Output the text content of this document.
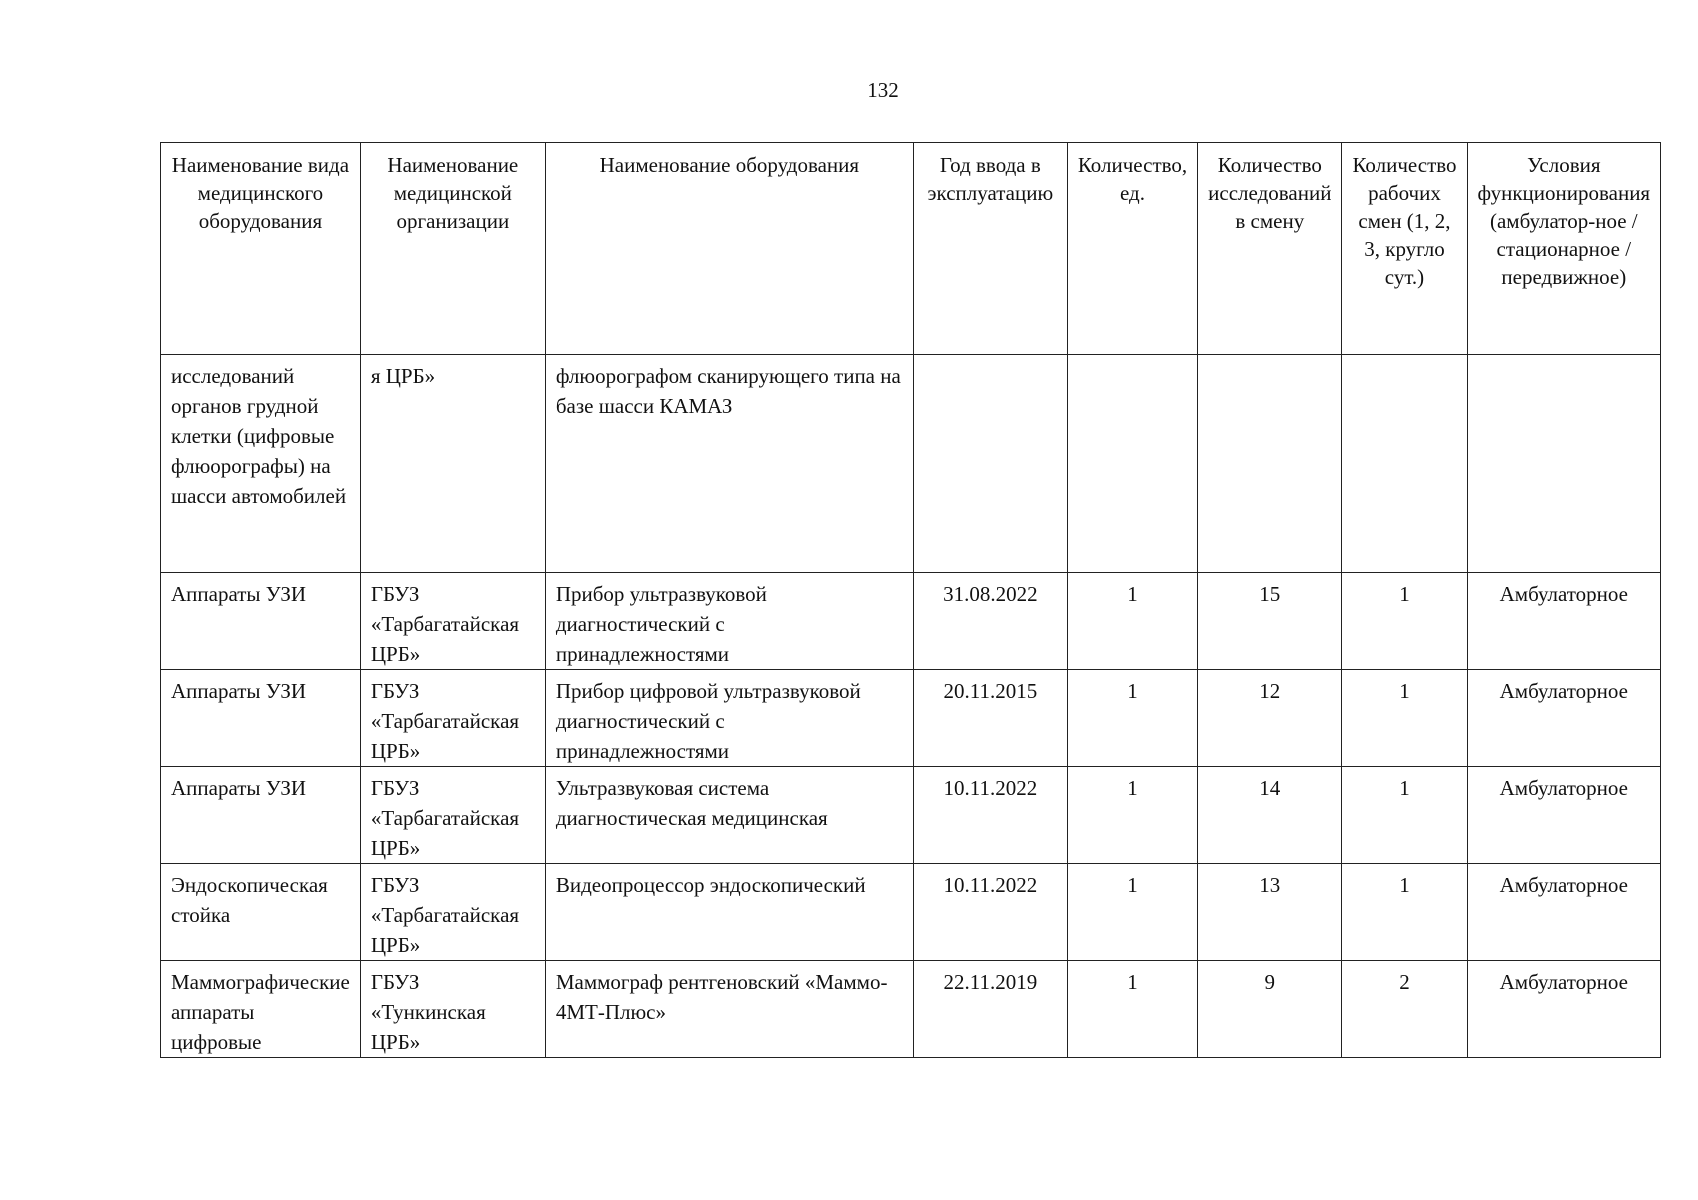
132
Наименование вида медицинского оборудования	Наименование медицинской организации	Наименование оборудования	Год ввода в эксплуатацию	Количество, ед.	Количество исследований в смену	Количество рабочих смен (1, 2, 3, кругло сут.)	Условия функционирования (амбулатор-ное / стационарное / передвижное)
исследований органов грудной клетки (цифровые флюорографы) на шасси автомобилей	я ЦРБ»	флюорографом сканирующего типа на базе шасси КАМАЗ					
Аппараты УЗИ	ГБУЗ «Тарбагатайская ЦРБ»	Прибор ультразвуковой диагностический с принадлежностями	31.08.2022	1	15	1	Амбулаторное
Аппараты УЗИ	ГБУЗ «Тарбагатайская ЦРБ»	Прибор цифровой ультразвуковой диагностический с принадлежностями	20.11.2015	1	12	1	Амбулаторное
Аппараты УЗИ	ГБУЗ «Тарбагатайская ЦРБ»	Ультразвуковая система диагностическая медицинская	10.11.2022	1	14	1	Амбулаторное
Эндоскопическая стойка	ГБУЗ «Тарбагатайская ЦРБ»	Видеопроцессор эндоскопический	10.11.2022	1	13	1	Амбулаторное
Маммографические аппараты цифровые	ГБУЗ «Тункинская ЦРБ»	Маммограф рентгеновский «Маммо- 4МТ-Плюс»	22.11.2019	1	9	2	Амбулаторное
